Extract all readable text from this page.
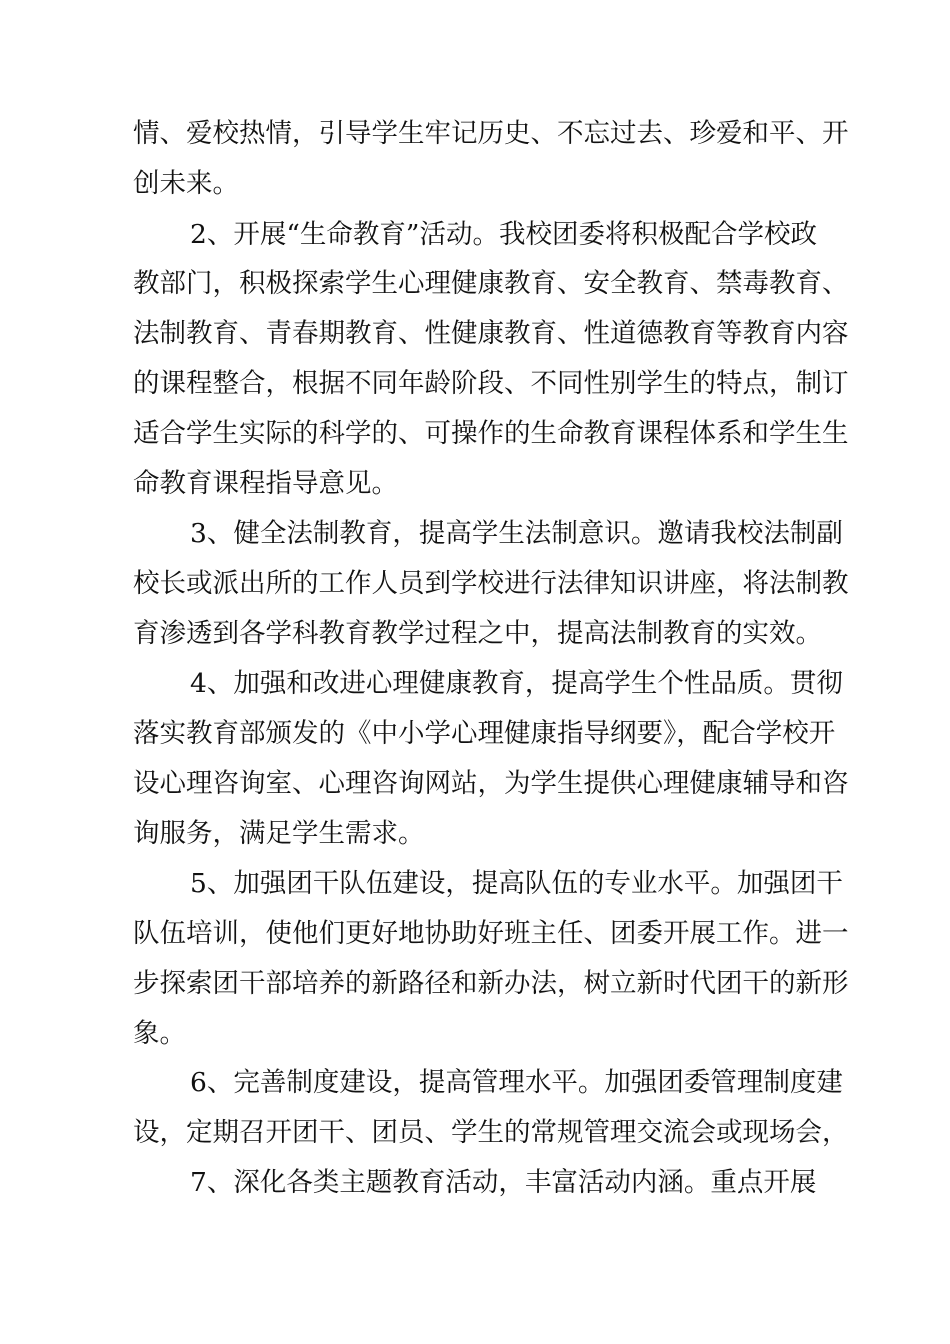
情、爱校热情，引导学生牢记历史、不忘过去、珍爱和平、开

创未来。

2、开展“生命教育”活动。我校团委将积极配合学校政

教部门，积极探索学生心理健康教育、安全教育、禁毒教育、

法制教育、青春期教育、性健康教育、性道德教育等教育内容

的课程整合，根据不同年龄阶段、不同性别学生的特点，制订

适合学生实际的科学的、可操作的生命教育课程体系和学生生

命教育课程指导意见。

3、健全法制教育，提高学生法制意识。邀请我校法制副

校长或派出所的工作人员到学校进行法律知识讲座，将法制教

育渗透到各学科教育教学过程之中，提高法制教育的实效。

4、加强和改进心理健康教育，提高学生个性品质。贯彻

落实教育部颁发的《中小学心理健康指导纲要》，配合学校开

设心理咨询室、心理咨询网站，为学生提供心理健康辅导和咨

询服务，满足学生需求。

5、加强团干队伍建设，提高队伍的专业水平。加强团干

队伍培训，使他们更好地协助好班主任、团委开展工作。进一

步探索团干部培养的新路径和新办法，树立新时代团干的新形

象。

6、完善制度建设，提高管理水平。加强团委管理制度建

设，定期召开团干、团员、学生的常规管理交流会或现场会，

7、深化各类主题教育活动，丰富活动内涵。重点开展
